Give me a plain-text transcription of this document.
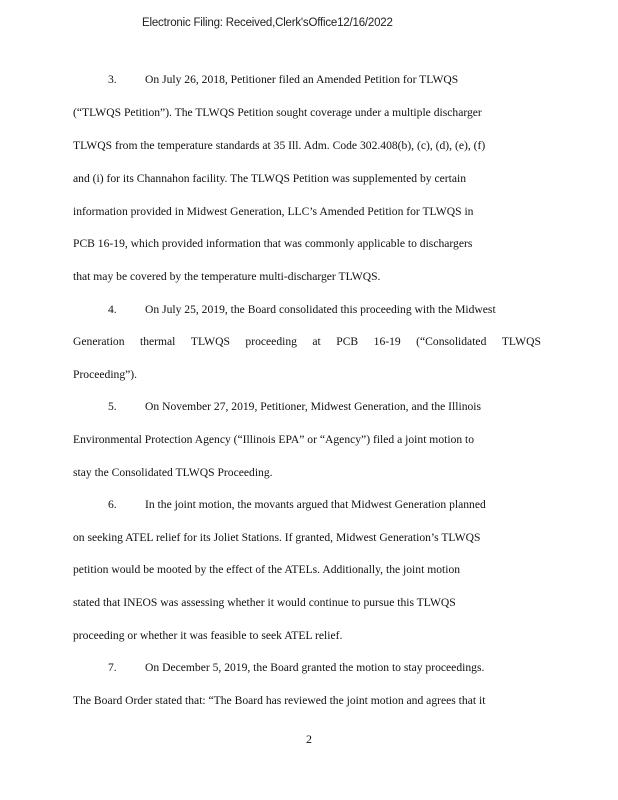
Electronic Filing: Received,Clerk'sOffice12/16/2022
3. On July 26, 2018, Petitioner filed an Amended Petition for TLWQS
(“TLWQS Petition”). The TLWQS Petition sought coverage under a multiple discharger
TLWQS from the temperature standards at 35 Ill. Adm. Code 302.408(b), (c), (d), (e), (f)
and (i) for its Channahon facility. The TLWQS Petition was supplemented by certain
information provided in Midwest Generation, LLC’s Amended Petition for TLWQS in
PCB 16-19, which provided information that was commonly applicable to dischargers
that may be covered by the temperature multi-discharger TLWQS.
4. On July 25, 2019, the Board consolidated this proceeding with the Midwest
Generation thermal TLWQS proceeding at PCB 16-19 (“Consolidated TLWQS
Proceeding”).
5. On November 27, 2019, Petitioner, Midwest Generation, and the Illinois
Environmental Protection Agency (“Illinois EPA” or “Agency”) filed a joint motion to
stay the Consolidated TLWQS Proceeding.
6. In the joint motion, the movants argued that Midwest Generation planned
on seeking ATEL relief for its Joliet Stations. If granted, Midwest Generation’s TLWQS
petition would be mooted by the effect of the ATELs. Additionally, the joint motion
stated that INEOS was assessing whether it would continue to pursue this TLWQS
proceeding or whether it was feasible to seek ATEL relief.
7. On December 5, 2019, the Board granted the motion to stay proceedings.
The Board Order stated that: “The Board has reviewed the joint motion and agrees that it
2
